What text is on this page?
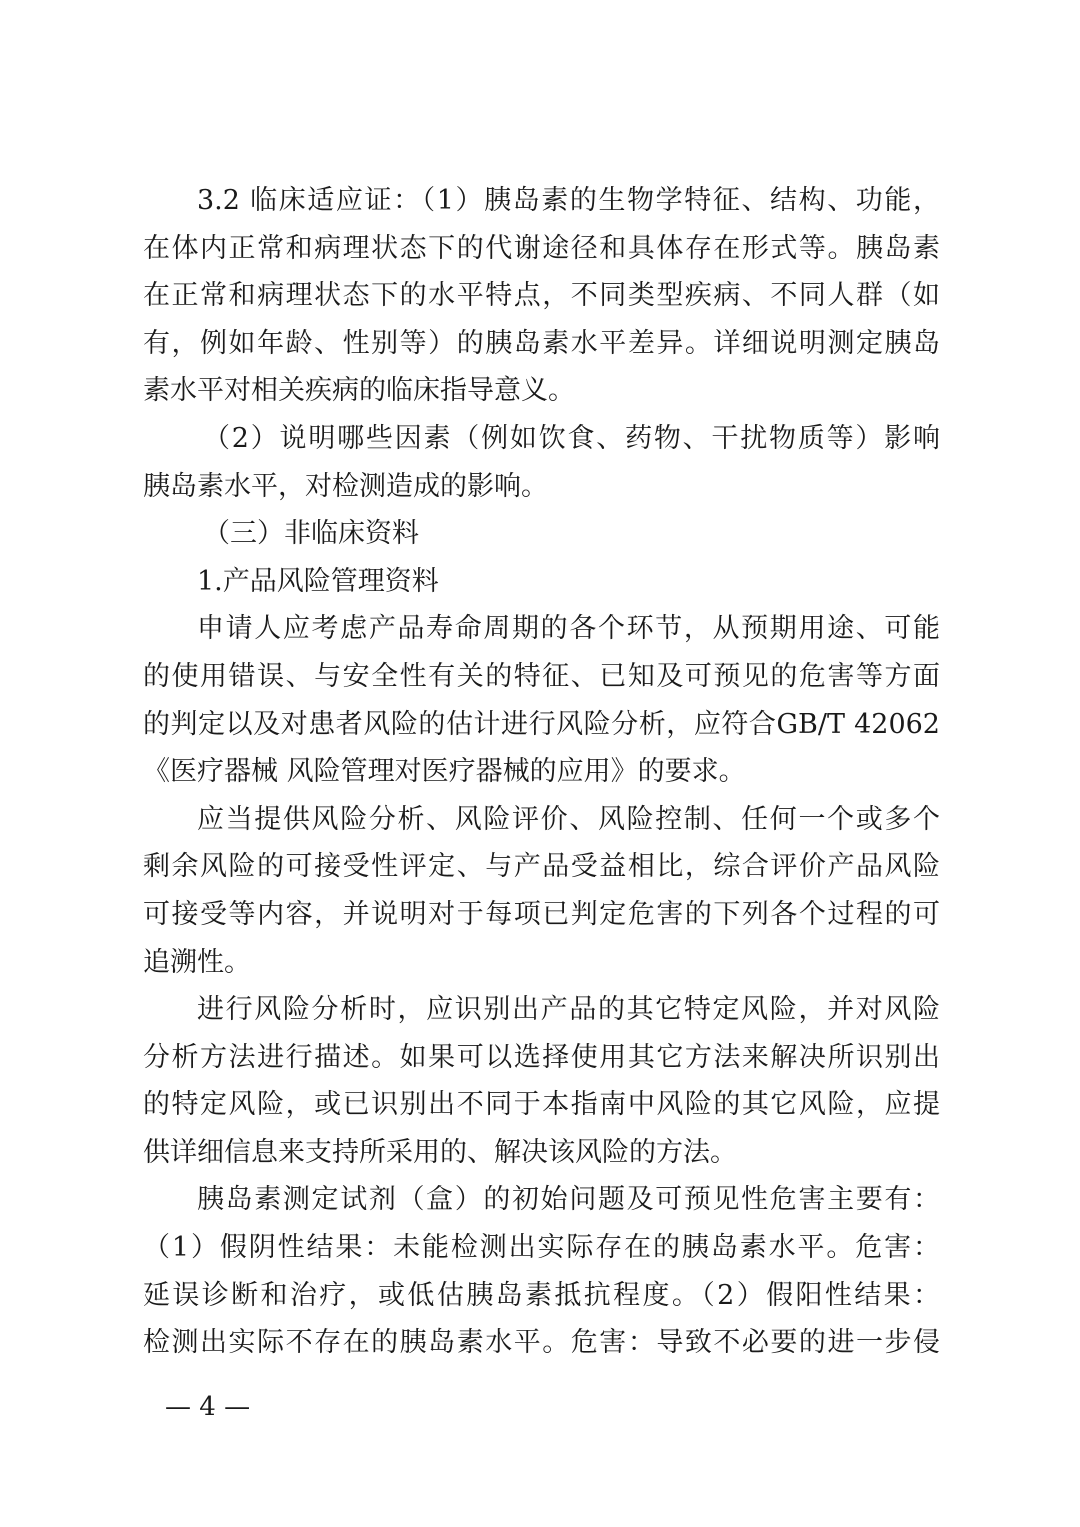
3.2 临床适应证：（1）胰岛素的生物学特征、结构、功能，
在体内正常和病理状态下的代谢途径和具体存在形式等。胰岛素
在正常和病理状态下的水平特点，不同类型疾病、不同人群（如
有，例如年龄、性别等）的胰岛素水平差异。详细说明测定胰岛
素水平对相关疾病的临床指导意义。
（2）说明哪些因素（例如饮食、药物、干扰物质等）影响
胰岛素水平，对检测造成的影响。
（三）非临床资料
1.产品风险管理资料
申请人应考虑产品寿命周期的各个环节，从预期用途、可能
的使用错误、与安全性有关的特征、已知及可预见的危害等方面
的判定以及对患者风险的估计进行风险分析，应符合GB/T 42062
《医疗器械 风险管理对医疗器械的应用》的要求。
应当提供风险分析、风险评价、风险控制、任何一个或多个
剩余风险的可接受性评定、与产品受益相比，综合评价产品风险
可接受等内容，并说明对于每项已判定危害的下列各个过程的可
追溯性。
进行风险分析时，应识别出产品的其它特定风险，并对风险
分析方法进行描述。如果可以选择使用其它方法来解决所识别出
的特定风险，或已识别出不同于本指南中风险的其它风险，应提
供详细信息来支持所采用的、解决该风险的方法。
胰岛素测定试剂（盒）的初始问题及可预见性危害主要有：
（1）假阴性结果：未能检测出实际存在的胰岛素水平。危害：
延误诊断和治疗，或低估胰岛素抵抗程度。（2）假阳性结果：
检测出实际不存在的胰岛素水平。危害：导致不必要的进一步侵
— 4 —
